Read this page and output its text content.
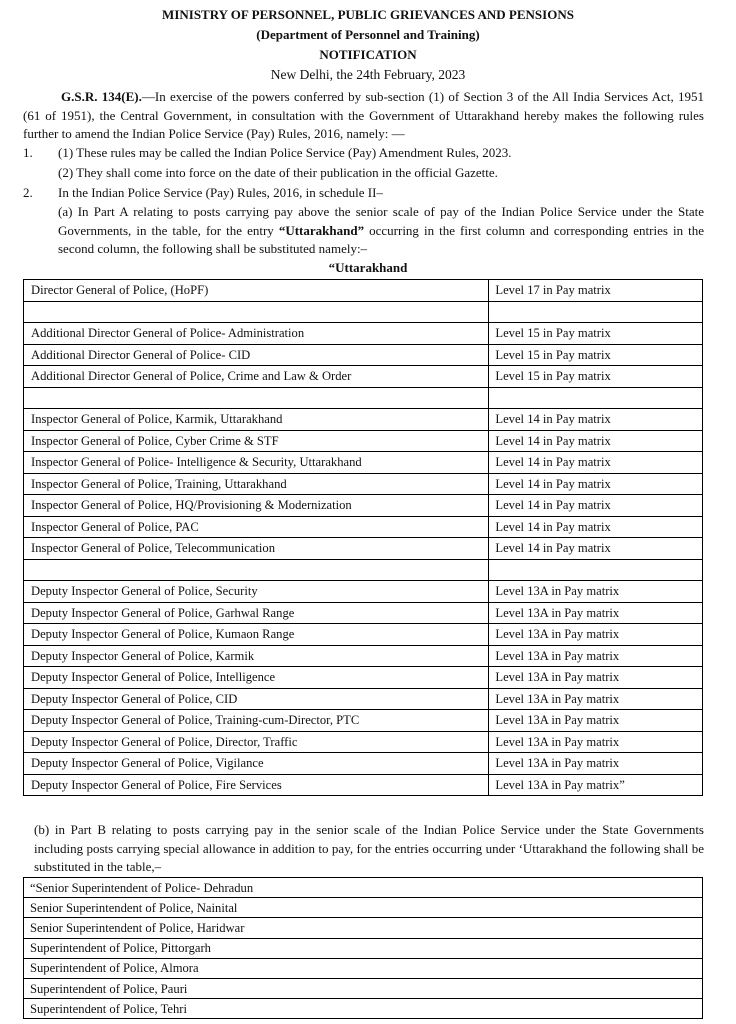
MINISTRY OF PERSONNEL, PUBLIC GRIEVANCES AND PENSIONS
(Department of Personnel and Training)
NOTIFICATION
New Delhi, the 24th February, 2023
G.S.R. 134(E).—In exercise of the powers conferred by sub-section (1) of Section 3 of the All India Services Act, 1951 (61 of 1951), the Central Government, in consultation with the Government of Uttarakhand hereby makes the following rules further to amend the Indian Police Service (Pay) Rules, 2016, namely: —
1. (1) These rules may be called the Indian Police Service (Pay) Amendment Rules, 2023.
(2) They shall come into force on the date of their publication in the official Gazette.
2. In the Indian Police Service (Pay) Rules, 2016, in schedule II–
(a) In Part A relating to posts carrying pay above the senior scale of pay of the Indian Police Service under the State Governments, in the table, for the entry “Uttarakhand” occurring in the first column and corresponding entries in the second column, the following shall be substituted namely:–
“Uttarakhand
Director General of Police, (HoPF)	Level 17 in Pay matrix

Additional Director General of Police- Administration	Level 15 in Pay matrix
Additional Director General of Police- CID	Level 15 in Pay matrix
Additional Director General of Police, Crime and Law & Order	Level 15 in Pay matrix

Inspector General of Police, Karmik, Uttarakhand	Level 14 in Pay matrix
Inspector General of Police, Cyber Crime & STF	Level 14 in Pay matrix
Inspector General of Police- Intelligence & Security, Uttarakhand	Level 14 in Pay matrix
Inspector General of Police, Training, Uttarakhand	Level 14 in Pay matrix
Inspector General of Police, HQ/Provisioning & Modernization	Level 14 in Pay matrix
Inspector General of Police, PAC	Level 14 in Pay matrix
Inspector General of Police, Telecommunication	Level 14 in Pay matrix

Deputy Inspector General of Police, Security	Level 13A in Pay matrix
Deputy Inspector General of Police, Garhwal Range	Level 13A in Pay matrix
Deputy Inspector General of Police, Kumaon Range	Level 13A in Pay matrix
Deputy Inspector General of Police, Karmik	Level 13A in Pay matrix
Deputy Inspector General of Police, Intelligence	Level 13A in Pay matrix
Deputy Inspector General of Police, CID	Level 13A in Pay matrix
Deputy Inspector General of Police, Training-cum-Director, PTC	Level 13A in Pay matrix
Deputy Inspector General of Police, Director, Traffic	Level 13A in Pay matrix
Deputy Inspector General of Police, Vigilance	Level 13A in Pay matrix
Deputy Inspector General of Police, Fire Services	Level 13A in Pay matrix”
(b) in Part B relating to posts carrying pay in the senior scale of the Indian Police Service under the State Governments including posts carrying special allowance in addition to pay, for the entries occurring under ‘Uttarakhand the following shall be substituted in the table,–
“Senior Superintendent of Police- Dehradun
Senior Superintendent of Police, Nainital
Senior Superintendent of Police, Haridwar
Superintendent of Police, Pittorgarh
Superintendent of Police, Almora
Superintendent of Police, Pauri
Superintendent of Police, Tehri
